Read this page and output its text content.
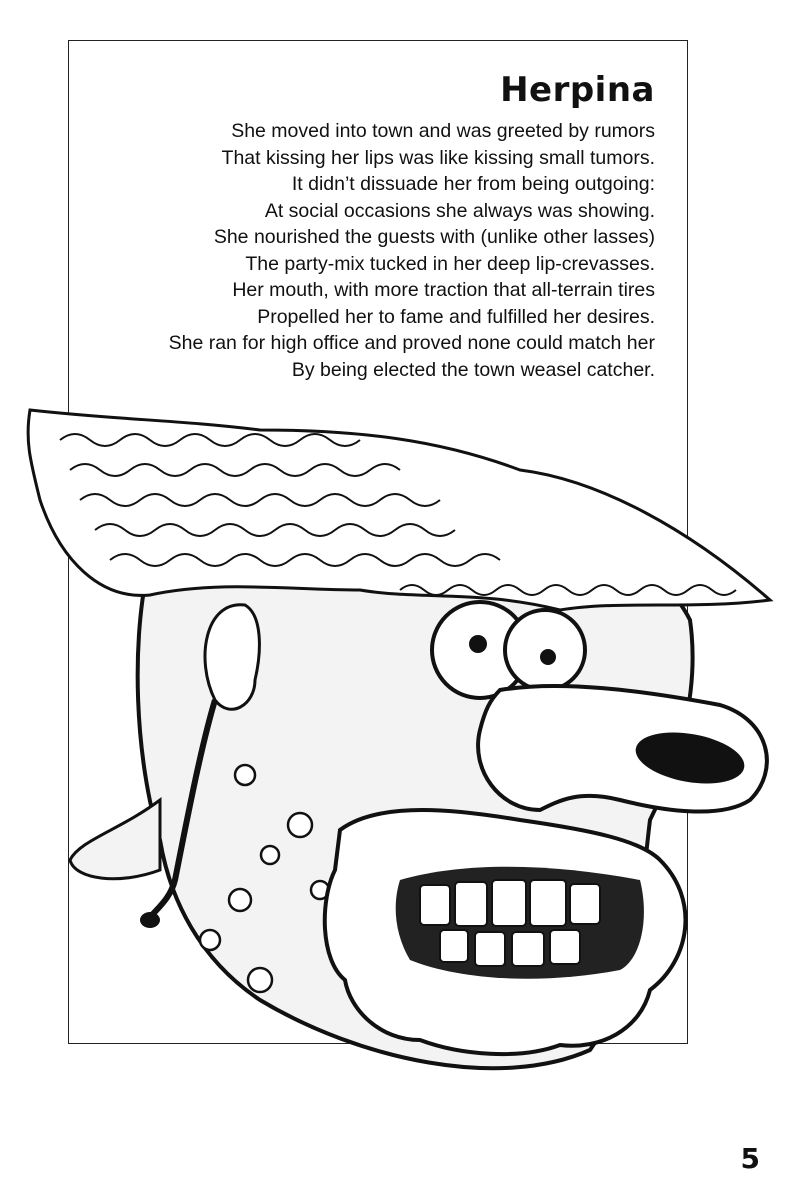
Herpina
She moved into town and was greeted by rumors
That kissing her lips was like kissing small tumors.
It didn’t dissuade her from being outgoing:
At social occasions she always was showing.
She nourished the guests with (unlike other lasses)
The party-mix tucked in her deep lip-crevasses.
Her mouth, with more traction that all-terrain tires
Propelled her to fame and fulfilled her desires.
She ran for high office and proved none could match her
By being elected the town weasel catcher.
5
